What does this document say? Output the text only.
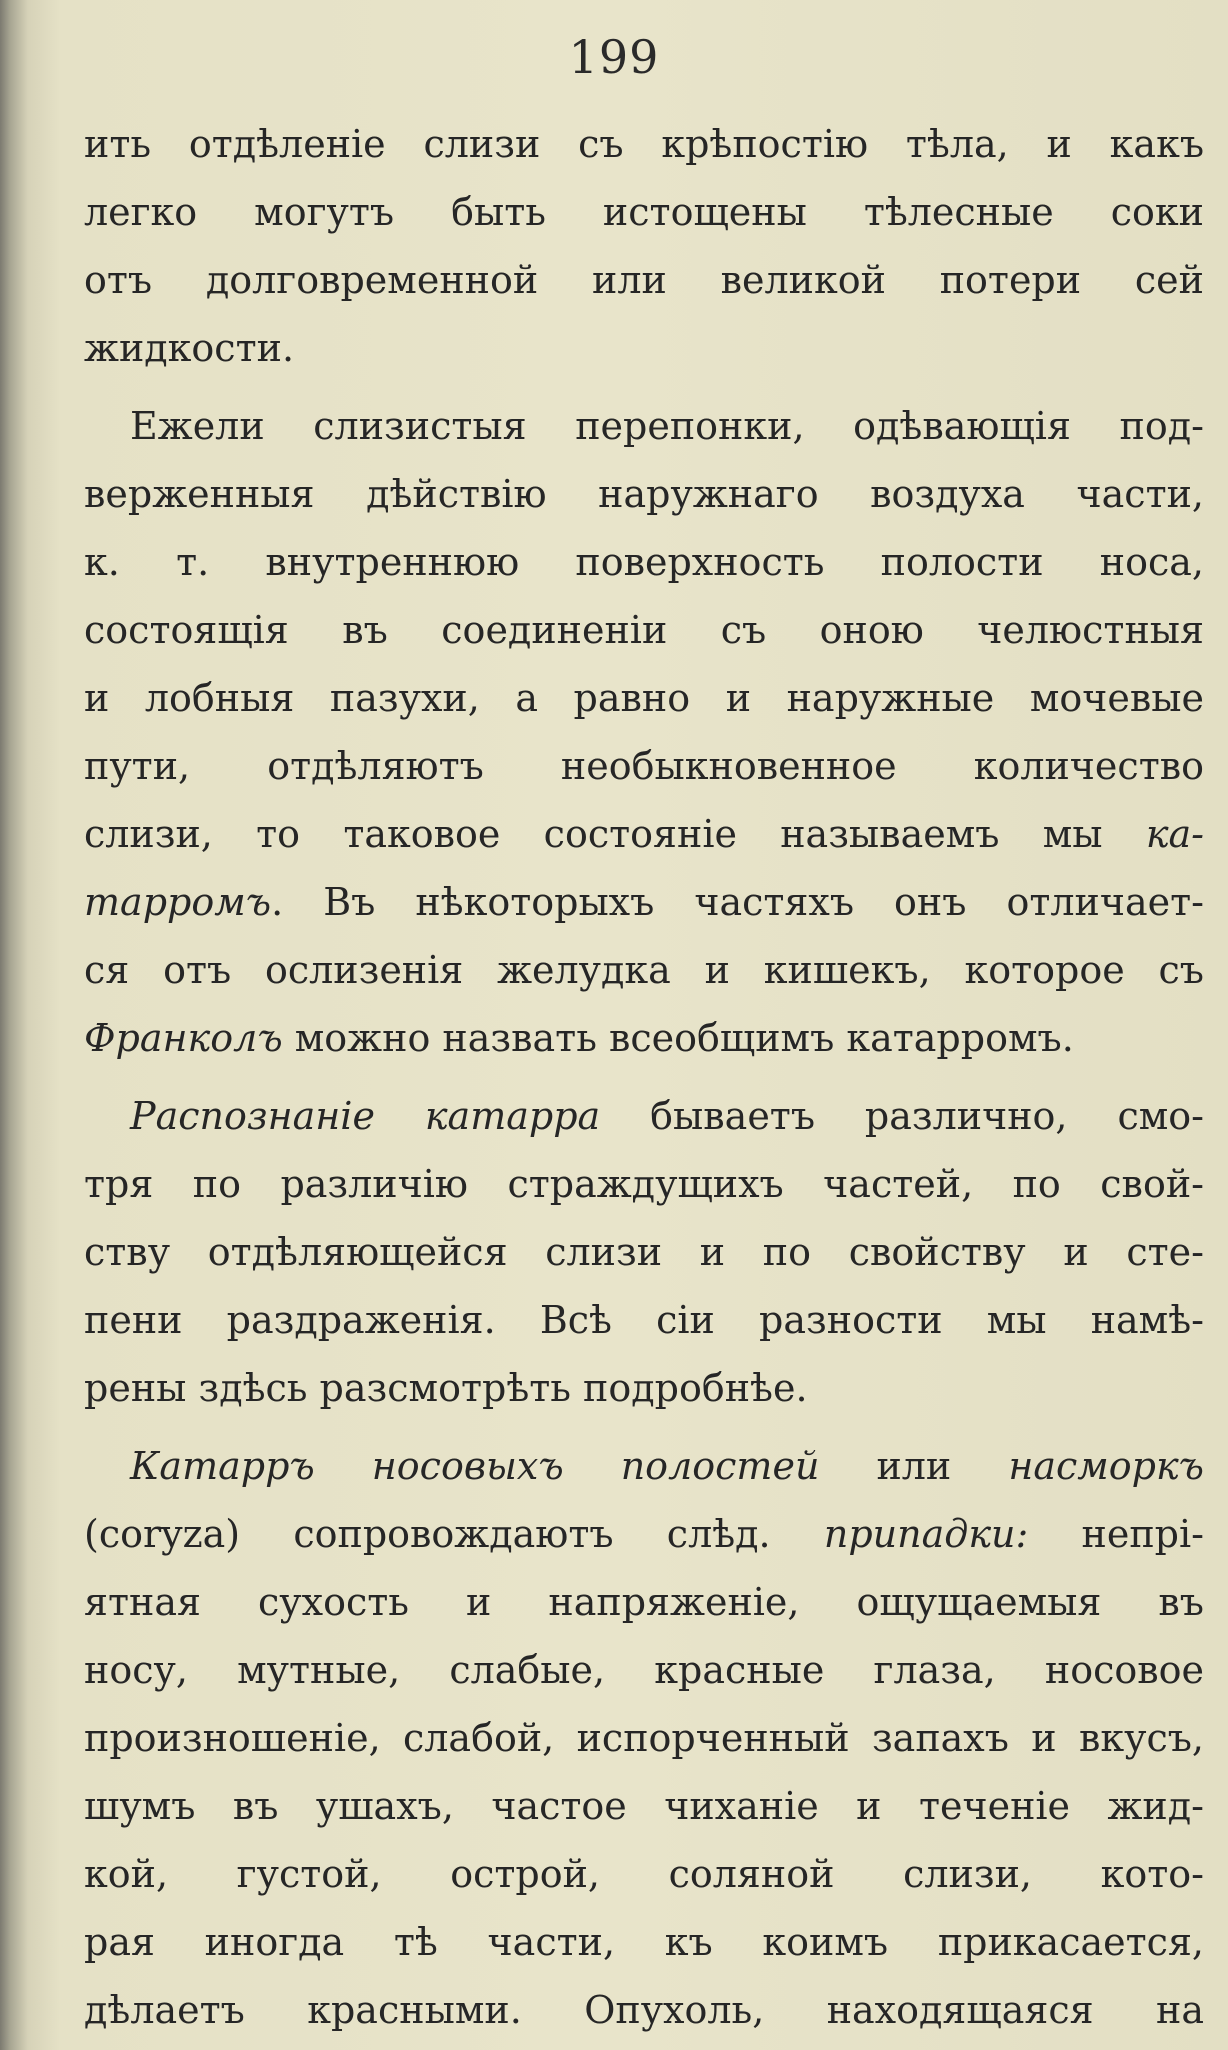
199
ить отдѣленіе слизи съ крѣпостію тѣла, и какъ
легко могутъ быть истощены тѣлесные соки
отъ долговременной или великой потери сей
жидкости.
Ежели слизистыя перепонки, одѣвающія под-
верженныя дѣйствію наружнаго воздуха части,
к. т. внутреннюю поверхность полости носа,
состоящія въ соединеніи съ оною челюстныя
и лобныя пазухи, а равно и наружные мочевые
пути, отдѣляютъ необыкновенное количество
слизи, то таковое состояніе называемъ мы ка-
тарромъ. Въ нѣкоторыхъ частяхъ онъ отличает-
ся отъ ослизенія желудка и кишекъ, которое съ
Франколъ можно назвать всеобщимъ катарромъ.
Распознаніе катарра бываетъ различно, смо-
тря по различію страждущихъ частей, по свой-
ству отдѣляющейся слизи и по свойству и сте-
пени раздраженія. Всѣ сіи разности мы намѣ-
рены здѣсь разсмотрѣть подробнѣе.
Катарръ носовыхъ полостей или насморкъ
(coryza) сопровождаютъ слѣд. припадки: непрі-
ятная сухость и напряженіе, ощущаемыя въ
носу, мутные, слабые, красные глаза, носовое
произношеніе, слабой, испорченный запахъ и вкусъ,
шумъ въ ушахъ, частое чиханіе и теченіе жид-
кой, густой, острой, соляной слизи, кото-
рая иногда тѣ части, къ коимъ прикасается,
дѣлаетъ красными. Опухоль, находящаяся на
